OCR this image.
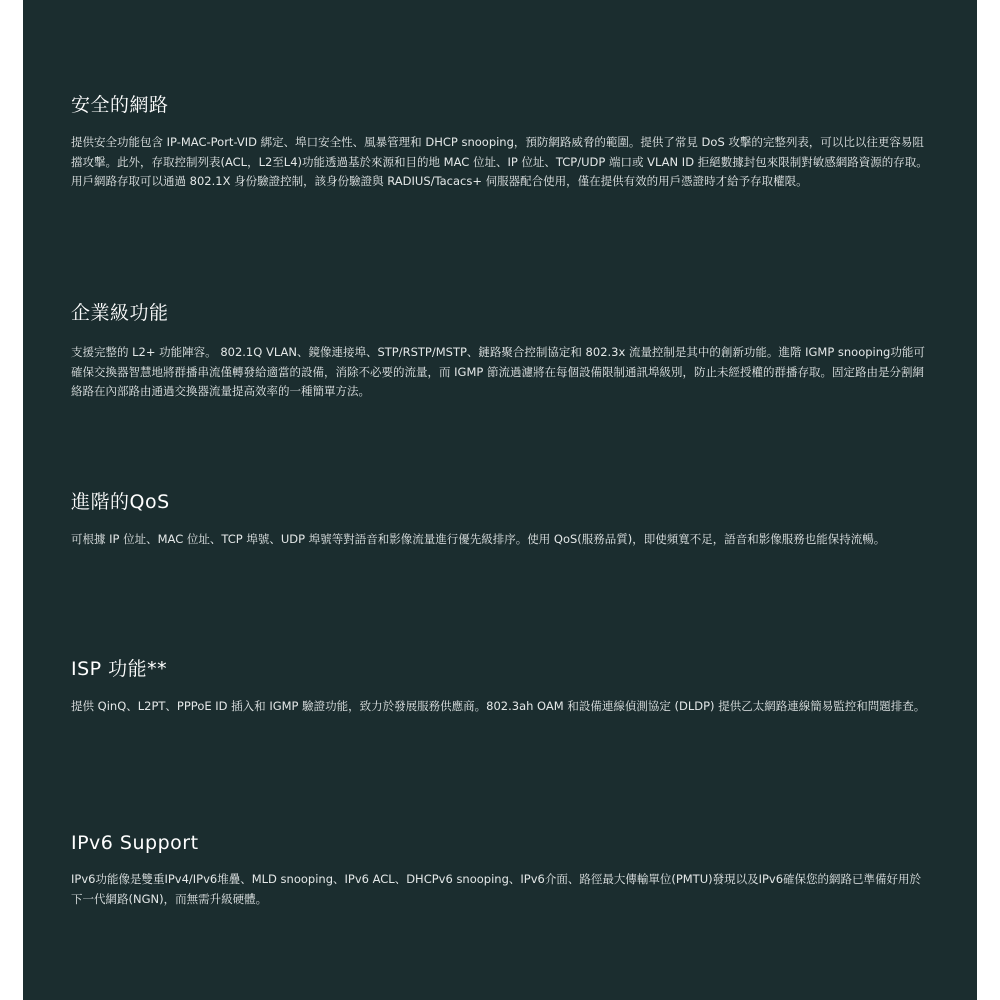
安全的網路

提供安全功能包含 IP-MAC-Port-VID 綁定、埠口安全性、風暴管理和 DHCP snooping，預防網路威脅的範圍。提供了常見 DoS 攻擊的完整列表，可以比以往更容易阻擋攻擊。此外，存取控制列表(ACL，L2至L4)功能透過基於來源和目的地 MAC 位址、IP 位址、TCP/UDP 端口或 VLAN ID 拒絕數據封包來限制對敏感網路資源的存取。用戶網路存取可以通過 802.1X 身份驗證控制，該身份驗證與 RADIUS/Tacacs+ 伺服器配合使用，僅在提供有效的用戶憑證時才給予存取權限。

企業級功能

支援完整的 L2+ 功能陣容。 802.1Q VLAN、鏡像連接埠、STP/RSTP/MSTP、鏈路聚合控制協定和 802.3x 流量控制是其中的創新功能。進階 IGMP snooping功能可確保交換器智慧地將群播串流僅轉發給適當的設備，消除不必要的流量，而 IGMP 節流過濾將在每個設備限制通訊埠級別，防止未經授權的群播存取。固定路由是分割網絡路在內部路由通過交換器流量提高效率的一種簡單方法。

進階的QoS

可根據 IP 位址、MAC 位址、TCP 埠號、UDP 埠號等對語音和影像流量進行優先級排序。使用 QoS(服務品質)，即使頻寬不足，語音和影像服務也能保持流暢。

ISP 功能**

提供 QinQ、L2PT、PPPoE ID 插入和 IGMP 驗證功能，致力於發展服務供應商。802.3ah OAM 和設備連線偵測協定 (DLDP) 提供乙太網路連線簡易監控和問題排查。

IPv6 Support

IPv6功能像是雙重IPv4/IPv6堆疊、MLD snooping、IPv6 ACL、DHCPv6 snooping、IPv6介面、路徑最大傳輸單位(PMTU)發現以及IPv6確保您的網路已準備好用於下一代網路(NGN)，而無需升級硬體。
